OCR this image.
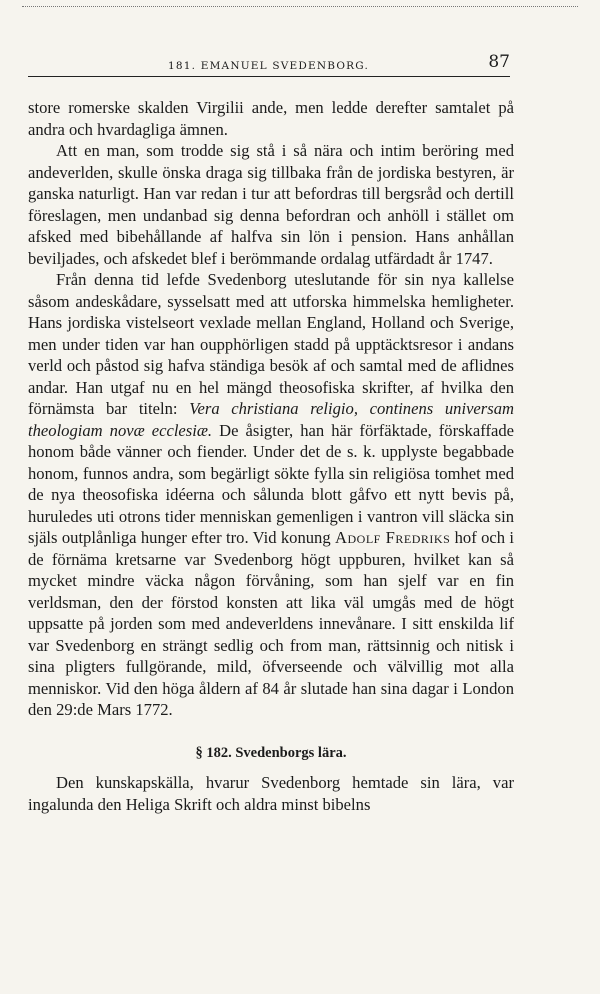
181. EMANUEL SVEDENBORG.	87

store romerske skalden Virgilii ande, men ledde derefter samtalet på andra och hvardagliga ämnen.

Att en man, som trodde sig stå i så nära och intim beröring med andeverlden, skulle önska draga sig tillbaka från de jordiska bestyren, är ganska naturligt. Han var redan i tur att befordras till bergsråd och dertill föreslagen, men undanbad sig denna befordran och anhöll i stället om afsked med bibehållande af halfva sin lön i pension. Hans anhållan beviljades, och afskedet blef i berömmande ordalag utfärdadt år 1747.

Från denna tid lefde Svedenborg uteslutande för sin nya kallelse såsom andeskådare, sysselsatt med att utforska himmelska hemligheter. Hans jordiska vistelseort vexlade mellan England, Holland och Sverige, men under tiden var han oupphörligen stadd på upptäcktsresor i andans verld och påstod sig hafva ständiga besök af och samtal med de aflidnes andar. Han utgaf nu en hel mängd theosofiska skrifter, af hvilka den förnämsta bar titeln: Vera christiana religio, continens universam theologiam novæ ecclesiæ. De åsigter, han här förfäktade, förskaffade honom både vänner och fiender. Under det de s. k. upplyste begabbade honom, funnos andra, som begärligt sökte fylla sin religiösa tomhet med de nya theosofiska idéerna och sålunda blott gåfvo ett nytt bevis på, huruledes uti otrons tider menniskan gemenligen i vantron vill släcka sin själs outplånliga hunger efter tro. Vid konung Adolf Fredriks hof och i de förnäma kretsarne var Svedenborg högt uppburen, hvilket kan så mycket mindre väcka någon förvåning, som han sjelf var en fin verldsman, den der förstod konsten att lika väl umgås med de högt uppsatte på jorden som med andeverldens innevånare. I sitt enskilda lif var Svedenborg en strängt sedlig och from man, rättsinnig och nitisk i sina pligters fullgörande, mild, öfverseende och välvillig mot alla menniskor. Vid den höga åldern af 84 år slutade han sina dagar i London den 29:de Mars 1772.

§ 182. Svedenborgs lära.

Den kunskapskälla, hvarur Svedenborg hemtade sin lära, var ingalunda den Heliga Skrift och aldra minst bibelns
